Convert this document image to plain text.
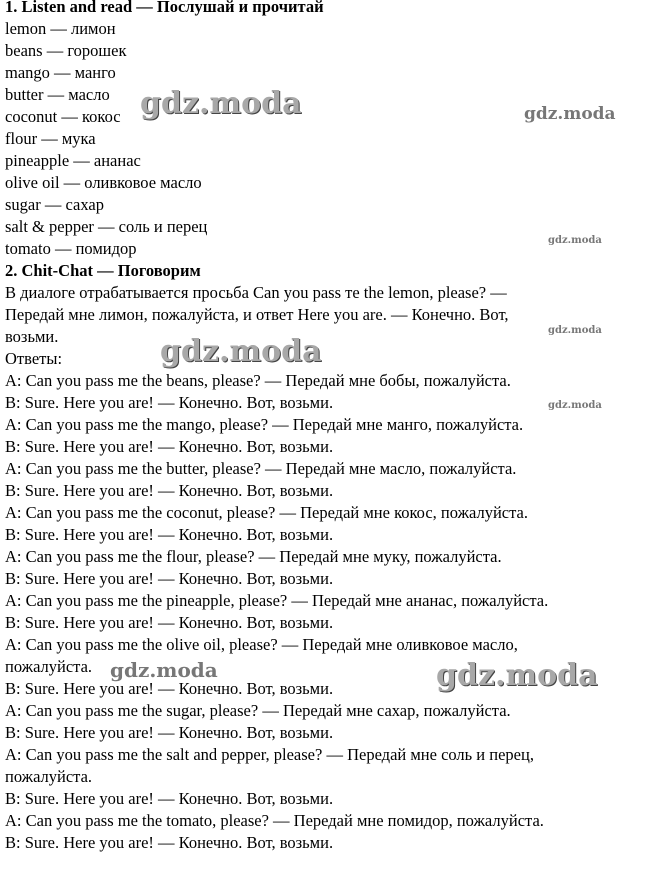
1. Listen and read — Послушай и прочитай
lemon — лимон
beans — горошек
mango — манго
butter — масло
coconut — кокос
flour — мука
pineapple — ананас
olive oil — оливковое масло
sugar — сахар
salt & pepper — соль и перец
tomato — помидор
2. Chit-Chat — Поговорим
В диалоге отрабатывается просьба Can you pass те the lemon, please? —
Передай мне лимон, пожалуйста, и ответ Here you are. — Конечно. Вот,
возьми.
Ответы:
A: Can you pass me the beans, please? — Передай мне бобы, пожалуйста.
B: Sure. Here you are! — Конечно. Вот, возьми.
A: Can you pass me the mango, please? — Передай мне манго, пожалуйста.
B: Sure. Here you are! — Конечно. Вот, возьми.
A: Can you pass me the butter, please? — Передай мне масло, пожалуйста.
B: Sure. Here you are! — Конечно. Вот, возьми.
A: Can you pass me the coconut, please? — Передай мне кокос, пожалуйста.
B: Sure. Here you are! — Конечно. Вот, возьми.
A: Can you pass me the flour, please? — Передай мне муку, пожалуйста.
B: Sure. Here you are! — Конечно. Вот, возьми.
A: Can you pass me the pineapple, please? — Передай мне ананас, пожалуйста.
B: Sure. Here you are! — Конечно. Вот, возьми.
A: Can you pass me the olive oil, please? — Передай мне оливковое масло,
пожалуйста.
B: Sure. Here you are! — Конечно. Вот, возьми.
A: Can you pass me the sugar, please? — Передай мне сахар, пожалуйста.
B: Sure. Here you are! — Конечно. Вот, возьми.
A: Can you pass me the salt and pepper, please? — Передай мне соль и перец,
пожалуйста.
B: Sure. Here you are! — Конечно. Вот, возьми.
A: Can you pass me the tomato, please? — Передай мне помидор, пожалуйста.
B: Sure. Here you are! — Конечно. Вот, возьми.
gdz.moda	gdz.moda
gdz.moda
gdz.moda
gdz.moda
gdz.moda
gdz.moda	gdz.moda
